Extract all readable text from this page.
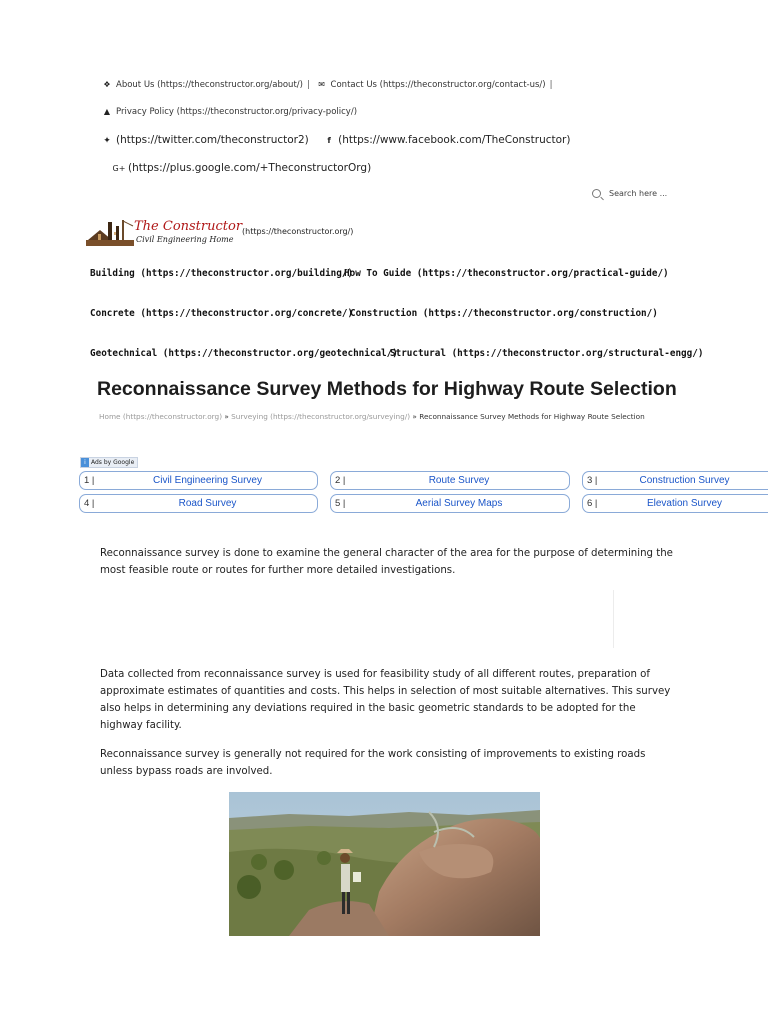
❖ About Us (https://theconstructor.org/about/) | ✉ Contact Us (https://theconstructor.org/contact-us/) |
▲ Privacy Policy (https://theconstructor.org/privacy-policy/)
✦ (https://twitter.com/theconstructor2) f (https://www.facebook.com/TheConstructor)
G+ (https://plus.google.com/+TheconstructorOrg)
Search here ...
The Constructor
Civil Engineering Home
(https://theconstructor.org/)
Building (https://theconstructor.org/building/)
How To Guide (https://theconstructor.org/practical-guide/)
Concrete (https://theconstructor.org/concrete/)
Construction (https://theconstructor.org/construction/)
Geotechnical (https://theconstructor.org/geotechnical/)
Structural (https://theconstructor.org/structural-engg/)
Reconnaissance Survey Methods for Highway Route Selection
Home (https://theconstructor.org) » Surveying (https://theconstructor.org/surveying/) » Reconnaissance Survey Methods for Highway Route Selection
i Ads by Google
1 |	Civil Engineering Survey	2 |	Route Survey	3 |	Construction Survey
4 |	Road Survey	5 |	Aerial Survey Maps	6 |	Elevation Survey
Reconnaissance survey is done to examine the general character of the area for the purpose of determining the most feasible route or routes for further more detailed investigations.
Data collected from reconnaissance survey is used for feasibility study of all different routes, preparation of approximate estimates of quantities and costs. This helps in selection of most suitable alternatives. This survey also helps in determining any deviations required in the basic geometric standards to be adopted for the highway facility.
Reconnaissance survey is generally not required for the work consisting of improvements to existing roads unless bypass roads are involved.
